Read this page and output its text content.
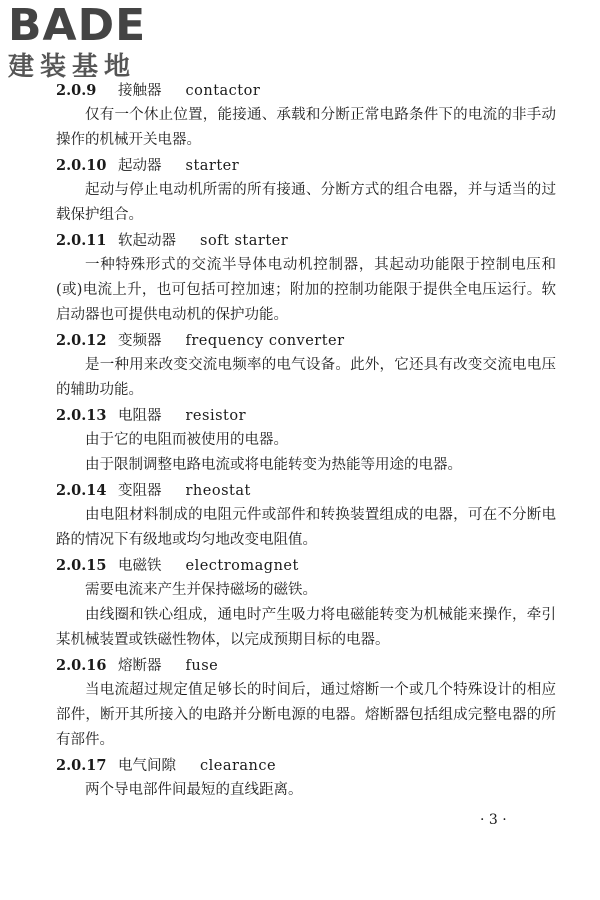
BADE
建装基地
2.0.9 接触器 contactor

仅有一个休止位置，能接通、承载和分断正常电路条件下的电流的非手动操作的机械开关电器。

2.0.10 起动器 starter

起动与停止电动机所需的所有接通、分断方式的组合电器，并与适当的过载保护组合。

2.0.11 软起动器 soft starter

一种特殊形式的交流半导体电动机控制器，其起动功能限于控制电压和(或)电流上升，也可包括可控加速；附加的控制功能限于提供全电压运行。软启动器也可提供电动机的保护功能。

2.0.12 变频器 frequency converter

是一种用来改变交流电频率的电气设备。此外，它还具有改变交流电电压的辅助功能。

2.0.13 电阻器 resistor

由于它的电阻而被使用的电器。

由于限制调整电路电流或将电能转变为热能等用途的电器。

2.0.14 变阻器 rheostat

由电阻材料制成的电阻元件或部件和转换装置组成的电器，可在不分断电路的情况下有级地或均匀地改变电阻值。

2.0.15 电磁铁 electromagnet

需要电流来产生并保持磁场的磁铁。

由线圈和铁心组成，通电时产生吸力将电磁能转变为机械能来操作，牵引某机械装置或铁磁性物体，以完成预期目标的电器。

2.0.16 熔断器 fuse

当电流超过规定值足够长的时间后，通过熔断一个或几个特殊设计的相应部件，断开其所接入的电路并分断电源的电器。熔断器包括组成完整电器的所有部件。

2.0.17 电气间隙 clearance

两个导电部件间最短的直线距离。

· 3 ·
